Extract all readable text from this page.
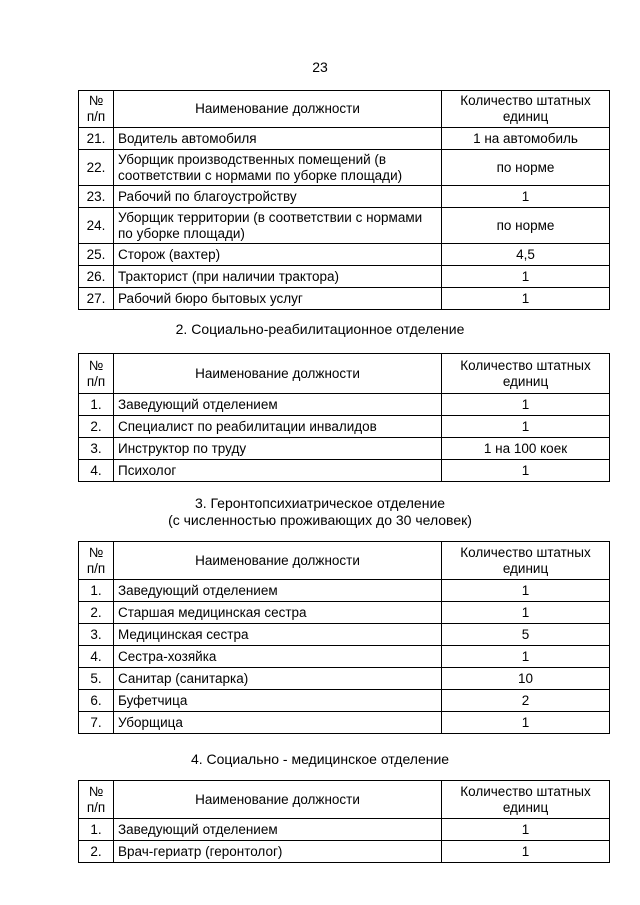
23
№ п/п	Наименование должности	Количество штатных единиц
21.	Водитель автомобиля	1 на автомобиль
22.	Уборщик производственных помещений (в соответствии с нормами по уборке площади)	по норме
23.	Рабочий по благоустройству	1
24.	Уборщик территории (в соответствии с нормами по уборке площади)	по норме
25.	Сторож (вахтер)	4,5
26.	Тракторист (при наличии трактора)	1
27.	Рабочий бюро бытовых услуг	1
2. Социально-реабилитационное отделение
№ п/п	Наименование должности	Количество штатных единиц
1.	Заведующий отделением	1
2.	Специалист по реабилитации инвалидов	1
3.	Инструктор по труду	1 на 100 коек
4.	Психолог	1
3. Геронтопсихиатрическое отделение
(с численностью проживающих до 30 человек)
№ п/п	Наименование должности	Количество штатных единиц
1.	Заведующий отделением	1
2.	Старшая медицинская сестра	1
3.	Медицинская сестра	5
4.	Сестра-хозяйка	1
5.	Санитар (санитарка)	10
6.	Буфетчица	2
7.	Уборщица	1
4. Социально - медицинское отделение
№ п/п	Наименование должности	Количество штатных единиц
1.	Заведующий отделением	1
2.	Врач-гериатр (геронтолог)	1
